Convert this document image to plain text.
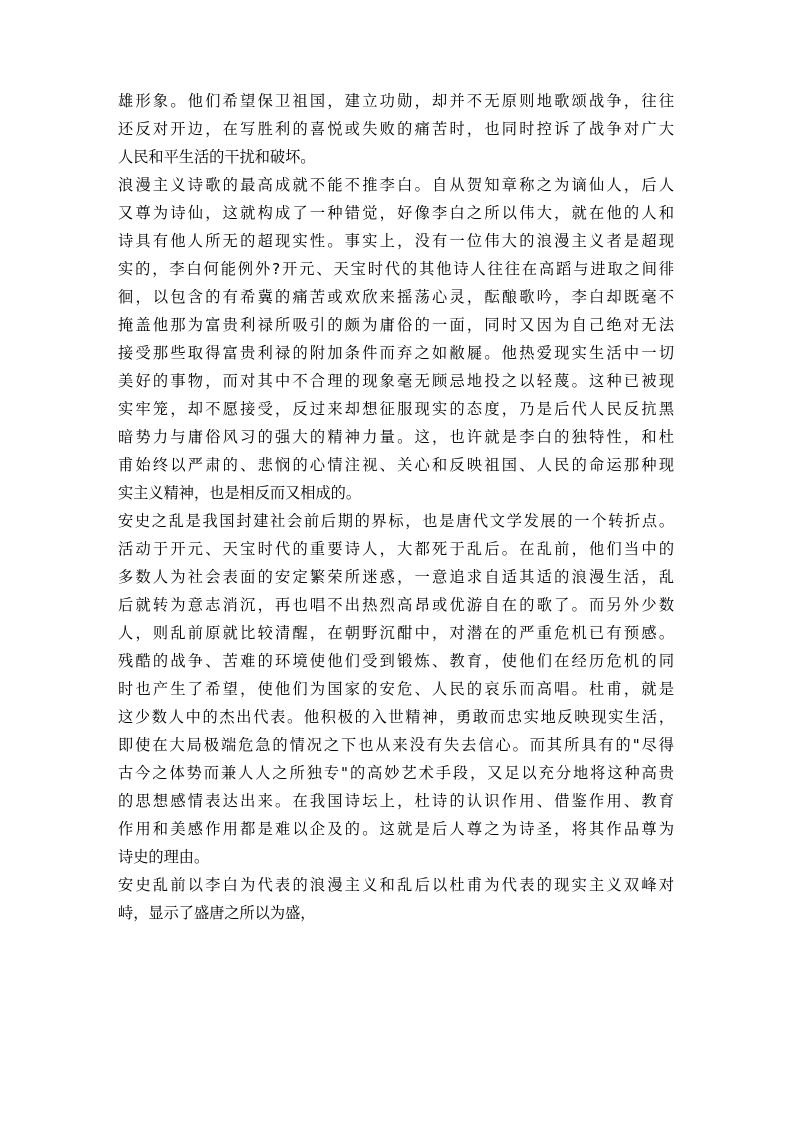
雄形象。他们希望保卫祖国，建立功勋，却并不无原则地歌颂战争，往往
还反对开边，在写胜利的喜悦或失败的痛苦时，也同时控诉了战争对广大
人民和平生活的干扰和破坏。
浪漫主义诗歌的最高成就不能不推李白。自从贺知章称之为谪仙人，后人
又尊为诗仙，这就构成了一种错觉，好像李白之所以伟大，就在他的人和
诗具有他人所无的超现实性。事实上，没有一位伟大的浪漫主义者是超现
实的，李白何能例外?开元、天宝时代的其他诗人往往在高蹈与进取之间徘
徊，以包含的有希冀的痛苦或欢欣来摇荡心灵，酝酿歌吟，李白却既毫不
掩盖他那为富贵利禄所吸引的颇为庸俗的一面，同时又因为自己绝对无法
接受那些取得富贵利禄的附加条件而弃之如敝屣。他热爱现实生活中一切
美好的事物，而对其中不合理的现象毫无顾忌地投之以轻蔑。这种已被现
实牢笼，却不愿接受，反过来却想征服现实的态度，乃是后代人民反抗黑
暗势力与庸俗风习的强大的精神力量。这，也许就是李白的独特性，和杜
甫始终以严肃的、悲悯的心情注视、关心和反映祖国、人民的命运那种现
实主义精神，也是相反而又相成的。
安史之乱是我国封建社会前后期的界标，也是唐代文学发展的一个转折点。
活动于开元、天宝时代的重要诗人，大都死于乱后。在乱前，他们当中的
多数人为社会表面的安定繁荣所迷惑，一意追求自适其适的浪漫生活，乱
后就转为意志消沉，再也唱不出热烈高昂或优游自在的歌了。而另外少数
人，则乱前原就比较清醒，在朝野沉酣中，对潜在的严重危机已有预感。
残酷的战争、苦难的环境使他们受到锻炼、教育，使他们在经历危机的同
时也产生了希望，使他们为国家的安危、人民的哀乐而高唱。杜甫，就是
这少数人中的杰出代表。他积极的入世精神，勇敢而忠实地反映现实生活，
即使在大局极端危急的情况之下也从来没有失去信心。而其所具有的"尽得
古今之体势而兼人人之所独专"的高妙艺术手段，又足以充分地将这种高贵
的思想感情表达出来。在我国诗坛上，杜诗的认识作用、借鉴作用、教育
作用和美感作用都是难以企及的。这就是后人尊之为诗圣，将其作品尊为
诗史的理由。
安史乱前以李白为代表的浪漫主义和乱后以杜甫为代表的现实主义双峰对
峙，显示了盛唐之所以为盛，
